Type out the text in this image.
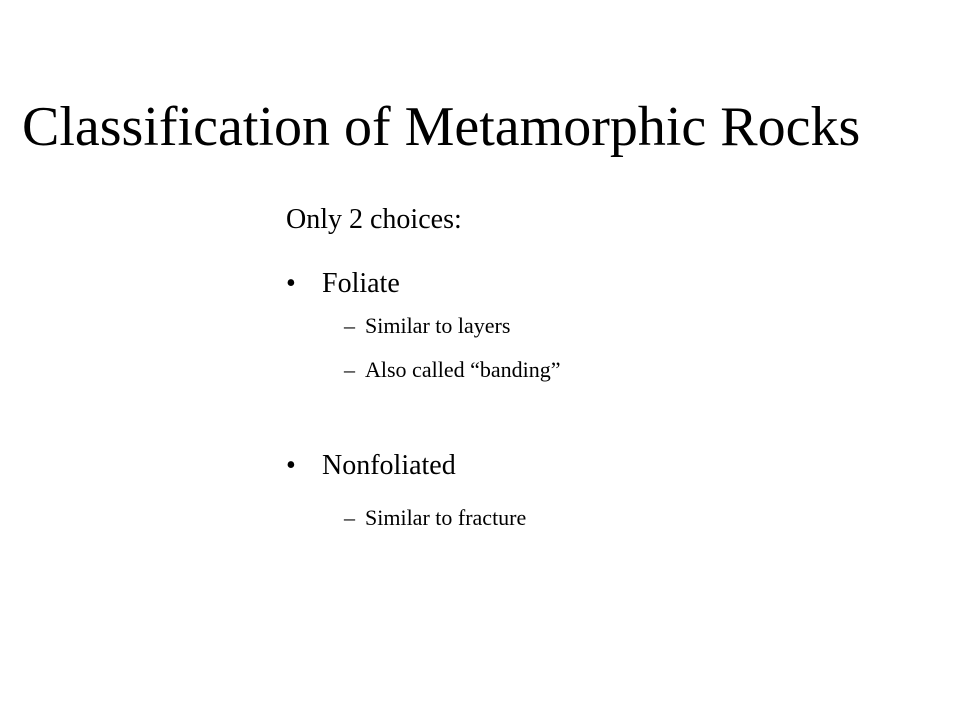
Classification of Metamorphic Rocks
Only 2 choices:
• Foliate
– Similar to layers
– Also called “banding”
• Nonfoliated
– Similar to fracture
